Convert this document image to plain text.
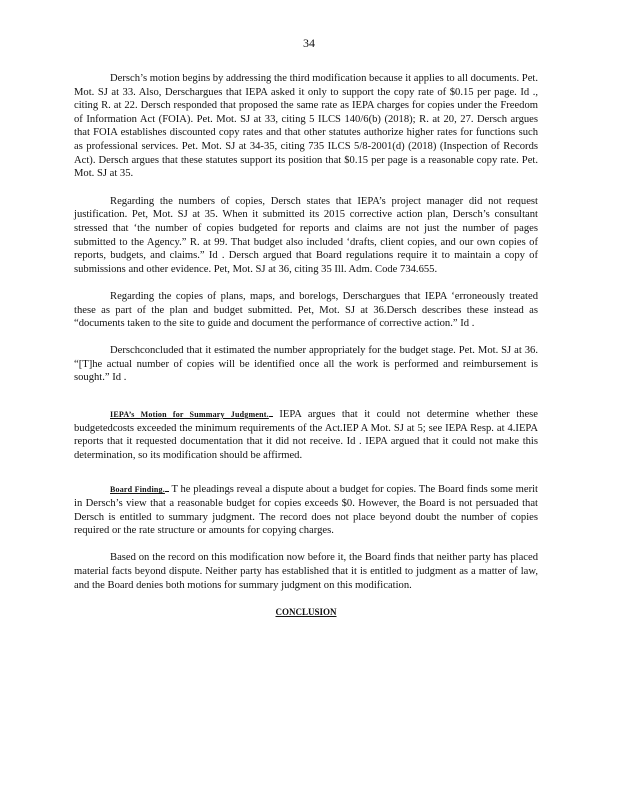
34

Dersch’s motion begins by addressing the third modification because it applies to all documents. Pet. Mot. SJ at 33. Also, Derschargues that IEPA asked it only to support the copy rate of $0.15 per page. Id ., citing R. at 22. Dersch responded that proposed the same rate as IEPA charges for copies under the Freedom of Information Act (FOIA). Pet. Mot. SJ at 33, citing 5 ILCS 140/6(b) (2018); R. at 20, 27. Dersch argues that FOIA establishes discounted copy rates and that other statutes authorize higher rates for functions such as professional services. Pet. Mot. SJ at 34-35, citing 735 ILCS 5/8-2001(d) (2018) (Inspection of Records Act). Dersch argues that these statutes support its position that $0.15 per page is a reasonable copy rate. Pet. Mot. SJ at 35.

Regarding the numbers of copies, Dersch states that IEPA’s project manager did not request justification. Pet, Mot. SJ at 35. When it submitted its 2015 corrective action plan, Dersch’s consultant stressed that ‘the number of copies budgeted for reports and claims are not just the number of pages submitted to the Agency.” R. at 99. That budget also included ‘drafts, client copies, and our own copies of reports, budgets, and claims.” Id . Dersch argued that Board regulations require it to maintain a copy of submissions and other evidence. Pet, Mot. SJ at 36, citing 35 Ill. Adm. Code 734.655.

Regarding the copies of plans, maps, and borelogs, Derschargues that IEPA ‘erroneously treated these as part of the plan and budget submitted. Pet, Mot. SJ at 36.Dersch describes these instead as “documents taken to the site to guide and document the performance of corrective action.” Id .

Derschconcluded that it estimated the number appropriately for the budget stage. Pet. Mot. SJ at 36. “[T]he actual number of copies will be identified once all the work is performed and reimbursement is sought.” Id .

IEPA’s Motion for Summary Judgment. IEPA argues that it could not determine whether these budgetedcosts exceeded the minimum requirements of the Act.IEP A Mot. SJ at 5; see IEPA Resp. at 4.IEPA reports that it requested documentation that it did not receive. Id . IEPA argued that it could not make this determination, so its modification should be affirmed.

Board Finding. T he pleadings reveal a dispute about a budget for copies. The Board finds some merit in Dersch’s view that a reasonable budget for copies exceeds $0. However, the Board is not persuaded that Dersch is entitled to summary judgment. The record does not place beyond doubt the number of copies required or the rate structure or amounts for copying charges.

Based on the record on this modification now before it, the Board finds that neither party has placed material facts beyond dispute. Neither party has established that it is entitled to judgment as a matter of law, and the Board denies both motions for summary judgment on this modification.

CONCLUSION
